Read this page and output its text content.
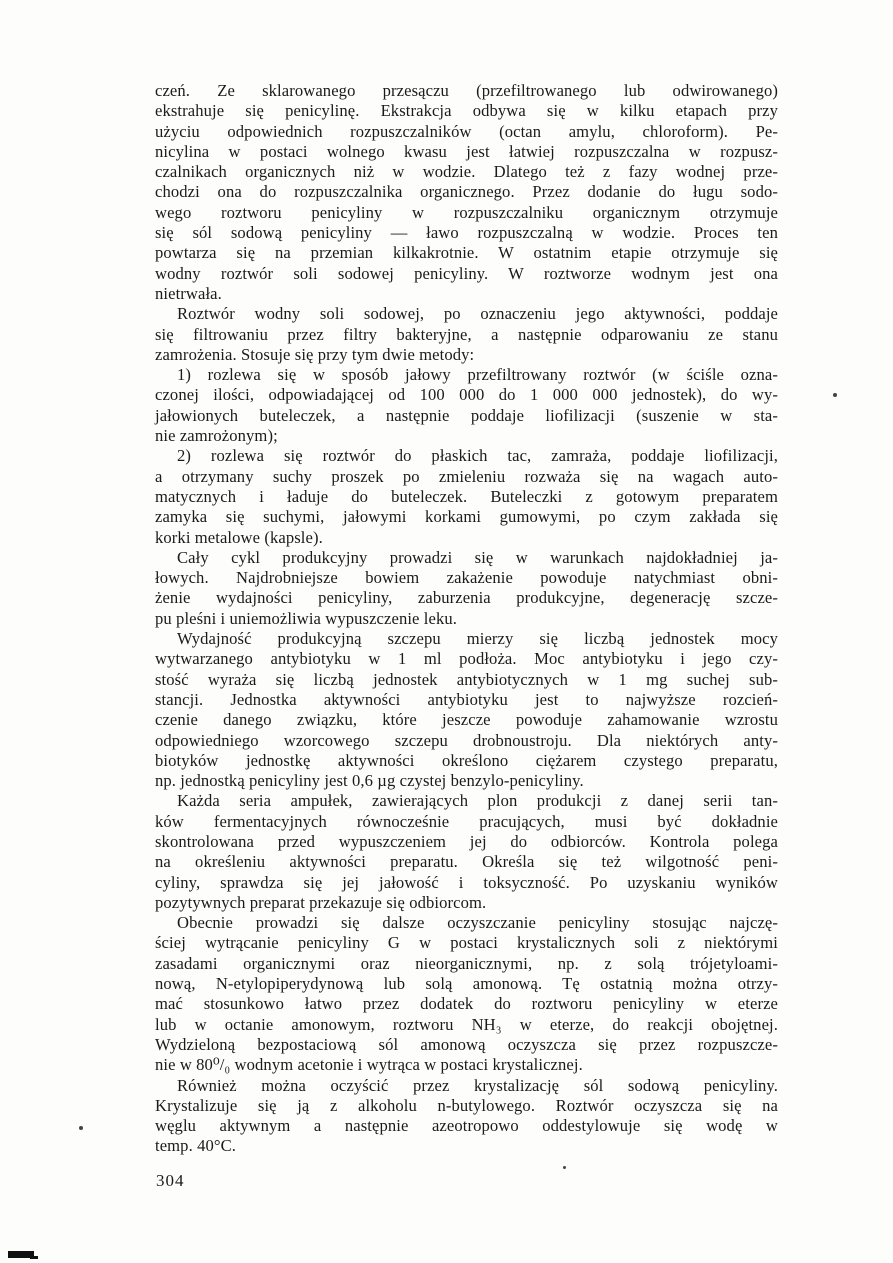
czeń. Ze sklarowanego przesączu (przefiltrowanego lub odwirowanego)
ekstrahuje się penicylinę. Ekstrakcja odbywa się w kilku etapach przy
użyciu odpowiednich rozpuszczalników (octan amylu, chloroform). Pe-
nicylina w postaci wolnego kwasu jest łatwiej rozpuszczalna w rozpusz-
czalnikach organicznych niż w wodzie. Dlatego też z fazy wodnej prze-
chodzi ona do rozpuszczalnika organicznego. Przez dodanie do ługu sodo-
wego roztworu penicyliny w rozpuszczalniku organicznym otrzymuje
się sól sodową penicyliny — ławo rozpuszczalną w wodzie. Proces ten
powtarza się na przemian kilkakrotnie. W ostatnim etapie otrzymuje się
wodny roztwór soli sodowej penicyliny. W roztworze wodnym jest ona
nietrwała.
Roztwór wodny soli sodowej, po oznaczeniu jego aktywności, poddaje
się filtrowaniu przez filtry bakteryjne, a następnie odparowaniu ze stanu
zamrożenia. Stosuje się przy tym dwie metody:
1) rozlewa się w sposób jałowy przefiltrowany roztwór (w ściśle ozna-
czonej ilości, odpowiadającej od 100 000 do 1 000 000 jednostek), do wy-
jałowionych buteleczek, a następnie poddaje liofilizacji (suszenie w sta-
nie zamrożonym);
2) rozlewa się roztwór do płaskich tac, zamraża, poddaje liofilizacji,
a otrzymany suchy proszek po zmieleniu rozważa się na wagach auto-
matycznych i ładuje do buteleczek. Buteleczki z gotowym preparatem
zamyka się suchymi, jałowymi korkami gumowymi, po czym zakłada się
korki metalowe (kapsle).
Cały cykl produkcyjny prowadzi się w warunkach najdokładniej ja-
łowych. Najdrobniejsze bowiem zakażenie powoduje natychmiast obni-
żenie wydajności penicyliny, zaburzenia produkcyjne, degenerację szcze-
pu pleśni i uniemożliwia wypuszczenie leku.
Wydajność produkcyjną szczepu mierzy się liczbą jednostek mocy
wytwarzanego antybiotyku w 1 ml podłoża. Moc antybiotyku i jego czy-
stość wyraża się liczbą jednostek antybiotycznych w 1 mg suchej sub-
stancji. Jednostka aktywności antybiotyku jest to najwyższe rozcień-
czenie danego związku, które jeszcze powoduje zahamowanie wzrostu
odpowiedniego wzorcowego szczepu drobnoustroju. Dla niektórych anty-
biotyków jednostkę aktywności określono ciężarem czystego preparatu,
np. jednostką penicyliny jest 0,6 µg czystej benzylo-penicyliny.
Każda seria ampułek, zawierających plon produkcji z danej serii tan-
ków fermentacyjnych równocześnie pracujących, musi być dokładnie
skontrolowana przed wypuszczeniem jej do odbiorców. Kontrola polega
na określeniu aktywności preparatu. Określa się też wilgotność peni-
cyliny, sprawdza się jej jałowość i toksyczność. Po uzyskaniu wyników
pozytywnych preparat przekazuje się odbiorcom.
Obecnie prowadzi się dalsze oczyszczanie penicyliny stosując najczę-
ściej wytrącanie penicyliny G w postaci krystalicznych soli z niektórymi
zasadami organicznymi oraz nieorganicznymi, np. z solą trójetyloami-
nową, N-etylopiperydynową lub solą amonową. Tę ostatnią można otrzy-
mać stosunkowo łatwo przez dodatek do roztworu penicyliny w eterze
lub w octanie amonowym, roztworu NH₃ w eterze, do reakcji obojętnej.
Wydzieloną bezpostaciową sól amonową oczyszcza się przez rozpuszcze-
nie w 80⁰/₀ wodnym acetonie i wytrąca w postaci krystalicznej.
Również można oczyścić przez krystalizację sól sodową penicyliny.
Krystalizuje się ją z alkoholu n-butylowego. Roztwór oczyszcza się na
węglu aktywnym a następnie azeotropowo oddestylowuje się wodę w
temp. 40°C.
304
